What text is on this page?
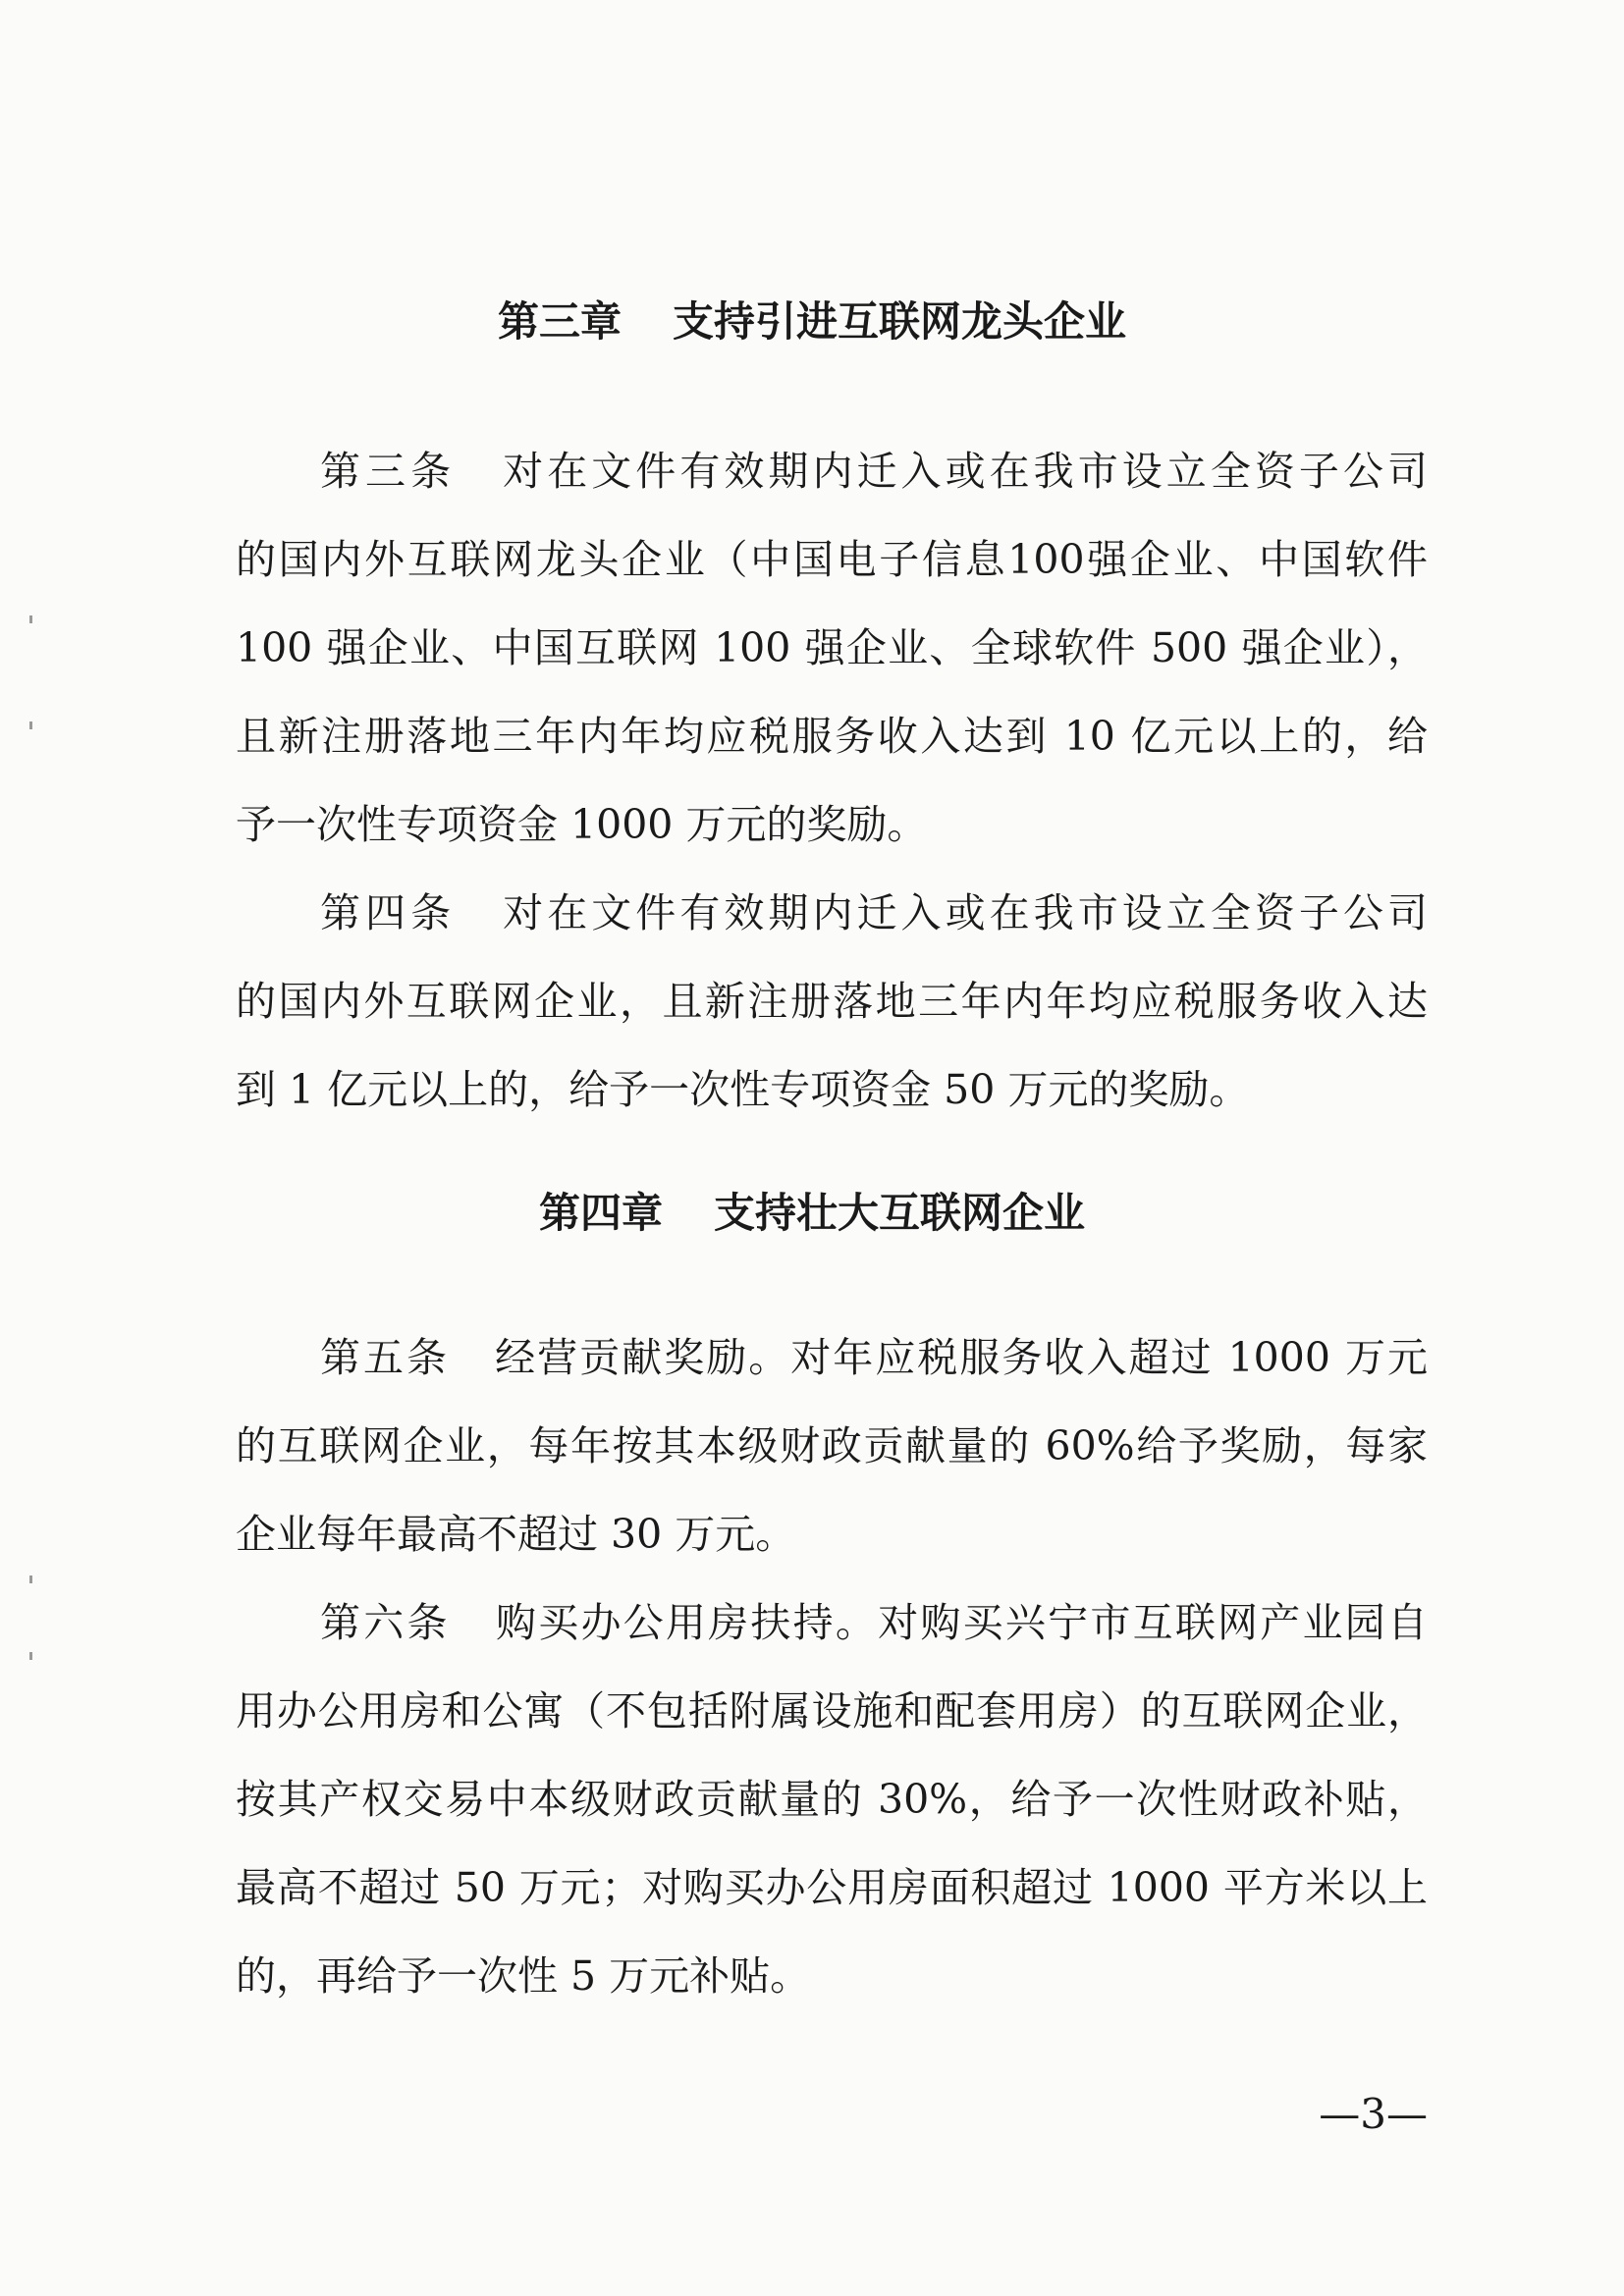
第三章 支持引进互联网龙头企业
第三条 对在文件有效期内迁入或在我市设立全资子公司
的国内外互联网龙头企业（中国电子信息100强企业、中国软件
100 强企业、中国互联网 100 强企业、全球软件 500 强企业），
且新注册落地三年内年均应税服务收入达到 10 亿元以上的，给
予一次性专项资金 1000 万元的奖励。
第四条 对在文件有效期内迁入或在我市设立全资子公司
的国内外互联网企业，且新注册落地三年内年均应税服务收入达
到 1 亿元以上的，给予一次性专项资金 50 万元的奖励。
第四章 支持壮大互联网企业
第五条 经营贡献奖励。对年应税服务收入超过 1000 万元
的互联网企业，每年按其本级财政贡献量的 60%给予奖励，每家
企业每年最高不超过 30 万元。
第六条 购买办公用房扶持。对购买兴宁市互联网产业园自
用办公用房和公寓（不包括附属设施和配套用房）的互联网企业，
按其产权交易中本级财政贡献量的 30%，给予一次性财政补贴，
最高不超过 50 万元；对购买办公用房面积超过 1000 平方米以上
的，再给予一次性 5 万元补贴。
—3—
